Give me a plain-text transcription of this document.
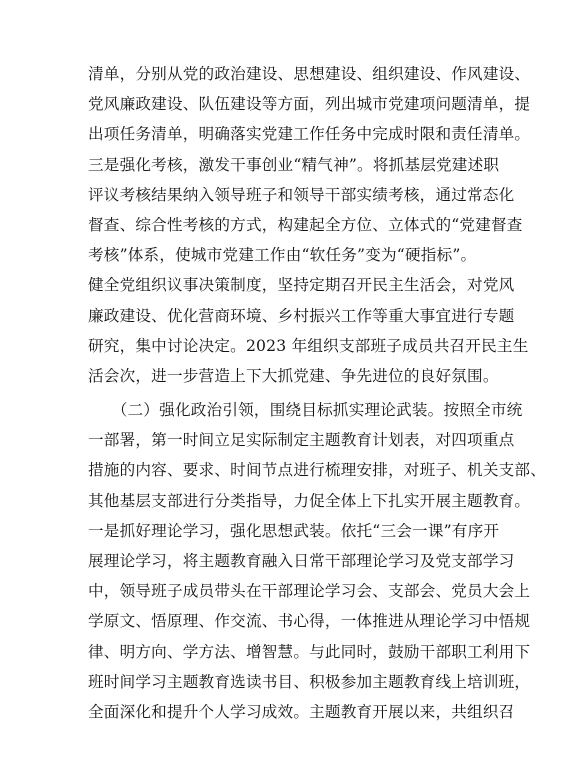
清单，分别从党的政治建设、思想建设、组织建设、作风建设、
党风廉政建设、队伍建设等方面，列出城市党建项问题清单，提
出项任务清单，明确落实党建工作任务中完成时限和责任清单。
三是强化考核，激发干事创业“精气神”。将抓基层党建述职
评议考核结果纳入领导班子和领导干部实绩考核，通过常态化
督查、综合性考核的方式，构建起全方位、立体式的“党建督查
考核”体系，使城市党建工作由“软任务”变为“硬指标”。
健全党组织议事决策制度，坚持定期召开民主生活会，对党风
廉政建设、优化营商环境、乡村振兴工作等重大事宜进行专题
研究，集中讨论决定。2023 年组织支部班子成员共召开民主生
活会次，进一步营造上下大抓党建、争先进位的良好氛围。
　　（二）强化政治引领，围绕目标抓实理论武装。按照全市统
一部署，第一时间立足实际制定主题教育计划表，对四项重点
措施的内容、要求、时间节点进行梳理安排，对班子、机关支部、
其他基层支部进行分类指导，力促全体上下扎实开展主题教育。
一是抓好理论学习，强化思想武装。依托“三会一课”有序开
展理论学习，将主题教育融入日常干部理论学习及党支部学习
中，领导班子成员带头在干部理论学习会、支部会、党员大会上
学原文、悟原理、作交流、书心得，一体推进从理论学习中悟规
律、明方向、学方法、增智慧。与此同时，鼓励干部职工利用下
班时间学习主题教育选读书目、积极参加主题教育线上培训班，
全面深化和提升个人学习成效。主题教育开展以来，共组织召
